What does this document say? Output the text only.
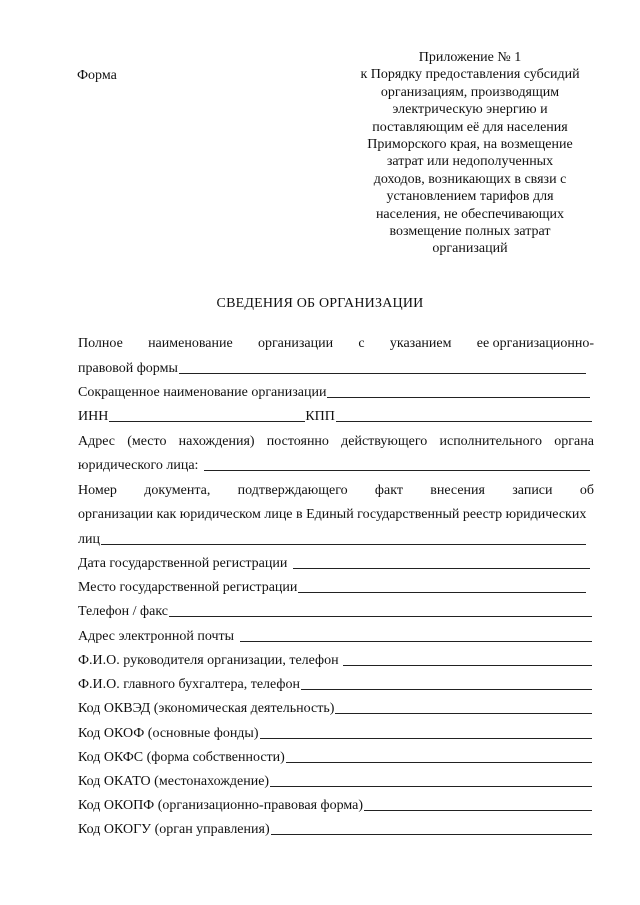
Форма
Приложение № 1
к Порядку предоставления субсидий
организациям, производящим
электрическую энергию и
поставляющим её для населения
Приморского края, на возмещение
затрат или недополученных
доходов, возникающих в связи с
установлением тарифов для
населения, не обеспечивающих
возмещение полных затрат
организаций
СВЕДЕНИЯ ОБ ОРГАНИЗАЦИИ
Полное наименование организации с указанием ее организационно-
правовой формы
Сокращенное наименование организации
ИНН	КПП
Адрес (место нахождения) постоянно действующего исполнительного органа
юридического лица:
Номер документа, подтверждающего факт внесения записи об
организации как юридическом лице в Единый государственный реестр юридических
лиц
Дата государственной регистрации
Место государственной регистрации
Телефон / факс
Адрес электронной почты
Ф.И.О. руководителя организации, телефон
Ф.И.О. главного бухгалтера, телефон
Код ОКВЭД (экономическая деятельность)
Код ОКОФ (основные фонды)
Код ОКФС (форма собственности)
Код ОКАТО (местонахождение)
Код ОКОПФ (организационно-правовая форма)
Код ОКОГУ (орган управления)
